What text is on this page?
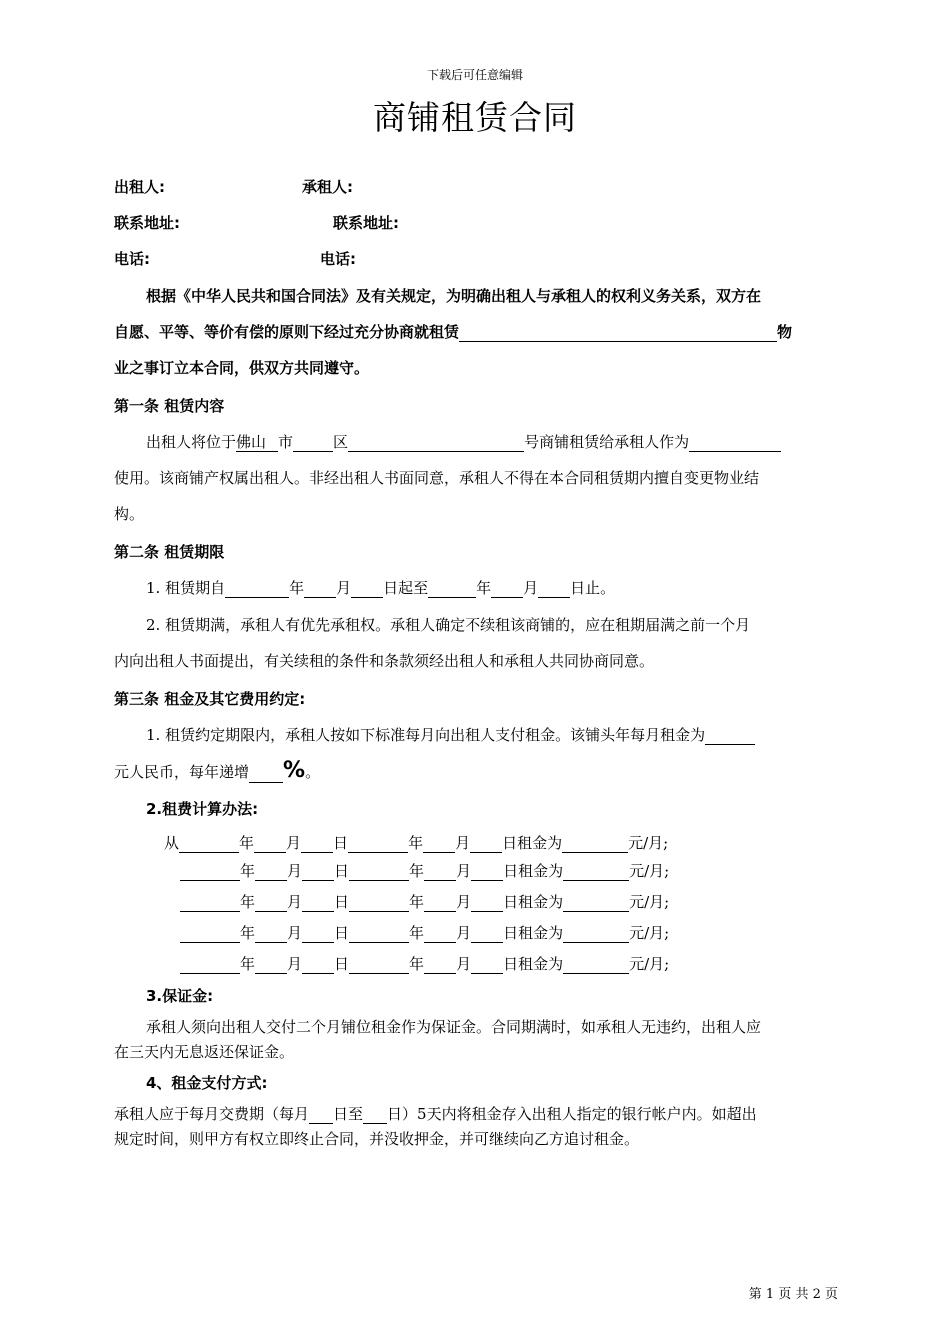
下载后可任意编辑
商铺租赁合同
出租人:	承租人:
联系地址:	联系地址:
电话:	电话:
根据《中华人民共和国合同法》及有关规定，为明确出租人与承租人的权利义务关系，双方在
自愿、平等、等价有偿的原则下经过充分协商就租赁	物
业之事订立本合同，供双方共同遵守。
第一条 租赁内容
出租人将位于佛山 市	区	号商铺租赁给承租人作为
使用。该商铺产权属出租人。非经出租人书面同意，承租人不得在本合同租赁期内擅自变更物业结
构。
第二条 租赁期限
1. 租赁期自	年 月 日起至	年 月 日止。
2. 租赁期满，承租人有优先承租权。承租人确定不续租该商铺的，应在租期届满之前一个月
内向出租人书面提出，有关续租的条件和条款须经出租人和承租人共同协商同意。
第三条 租金及其它费用约定:
1. 租赁约定期限内，承租人按如下标准每月向出租人支付租金。该铺头年每月租金为
元人民币，每年递增 %。
2.租费计算办法:
从	年 月 日	年 月 日租金为	元/月;
年 月 日	年 月 日租金为	元/月;
年 月 日	年 月 日租金为	元/月;
年 月 日	年 月 日租金为	元/月;
年 月 日	年 月 日租金为	元/月;
3.保证金:
承租人须向出租人交付二个月铺位租金作为保证金。合同期满时，如承租人无违约，出租人应
在三天内无息返还保证金。
4、租金支付方式:
承租人应于每月交费期（每月 日至 日）5天内将租金存入出租人指定的银行帐户内。如超出
规定时间，则甲方有权立即终止合同，并没收押金，并可继续向乙方追讨租金。
第 1 页 共 2 页
